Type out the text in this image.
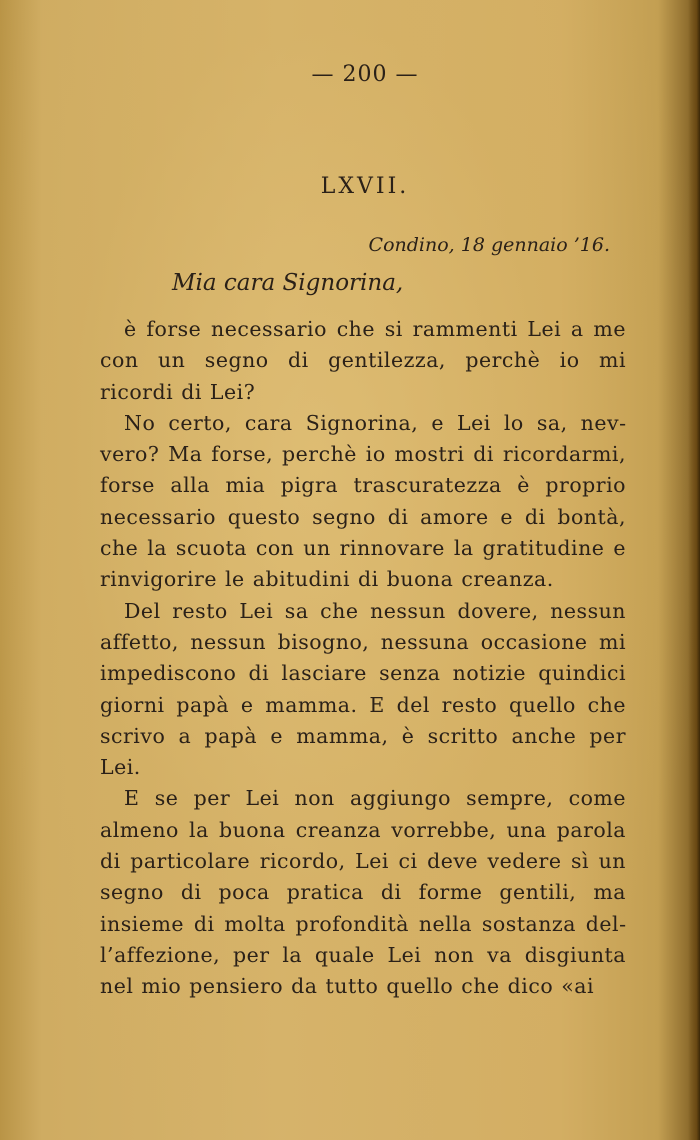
— 200 —
LXVII.
Condino, 18 gennaio ’16.
Mia cara Signorina,

è forse necessario che si rammenti Lei a me con un segno di gentilezza, perchè io mi ricordi di Lei?

No certo, cara Signorina, e Lei lo sa, nevvero? Ma forse, perchè io mostri di ricordarmi, forse alla mia pigra trascuratezza è proprio necessario questo segno di amore e di bontà, che la scuota con un rinnovare la gratitudine e rinvigorire le abitudini di buona creanza.

Del resto Lei sa che nessun dovere, nessun affetto, nessun bisogno, nessuna occasione mi impediscono di lasciare senza notizie quindici giorni papà e mamma. E del resto quello che scrivo a papà e mamma, è scritto anche per Lei.

E se per Lei non aggiungo sempre, come almeno la buona creanza vorrebbe, una parola di particolare ricordo, Lei ci deve vedere sì un segno di poca pratica di forme gentili, ma insieme di molta profondità nella sostanza dell’affezione, per la quale Lei non va disgiunta nel mio pensiero da tutto quello che dico «ai
